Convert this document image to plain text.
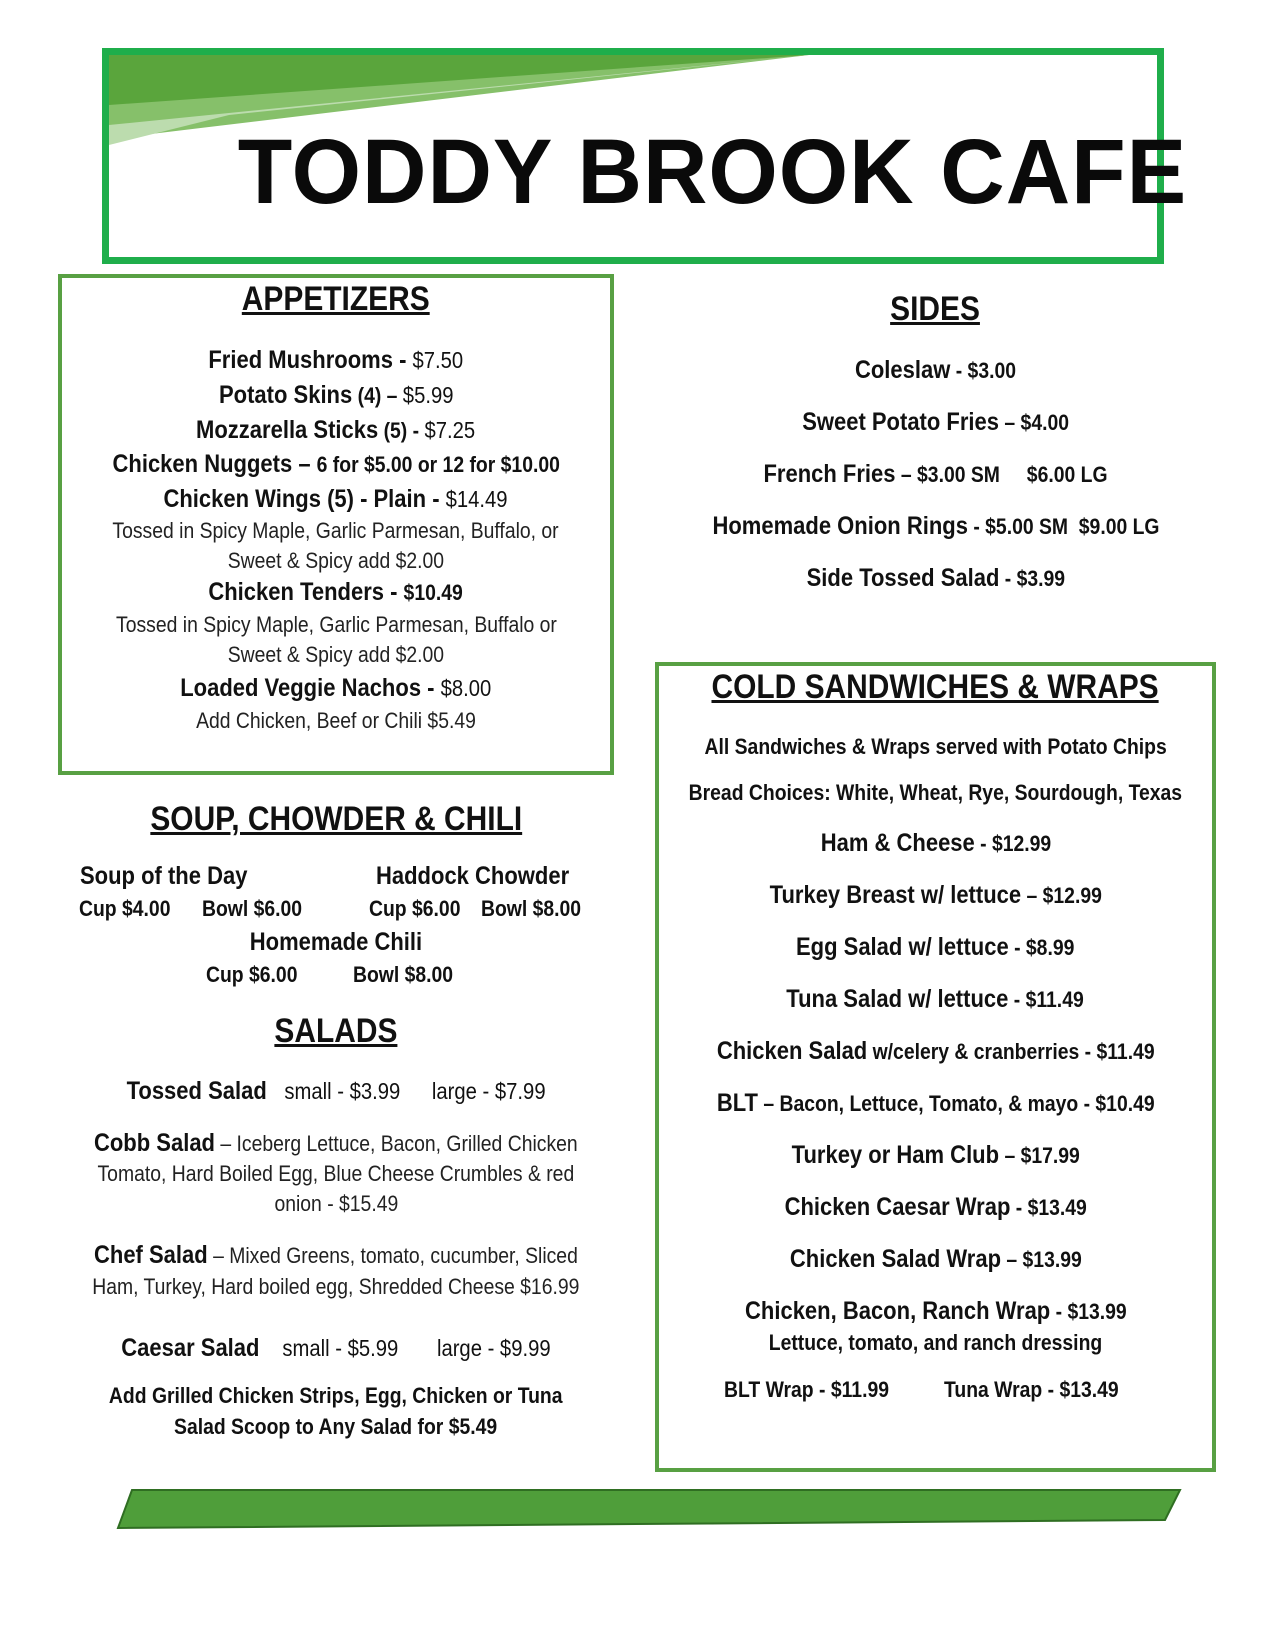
TODDY BROOK CAFE
APPETIZERS
Fried Mushrooms - $7.50
Potato Skins (4) – $5.99
Mozzarella Sticks (5) - $7.25
Chicken Nuggets – 6 for $5.00 or 12 for $10.00
Chicken Wings (5) - Plain - $14.49
Tossed in Spicy Maple, Garlic Parmesan, Buffalo, or
Sweet & Spicy add $2.00
Chicken Tenders - $10.49
Tossed in Spicy Maple, Garlic Parmesan, Buffalo or
Sweet & Spicy add $2.00
Loaded Veggie Nachos - $8.00
Add Chicken, Beef or Chili $5.49
SOUP, CHOWDER & CHILI
Soup of the Day
Cup $4.00	Bowl $6.00
Haddock Chowder
Cup $6.00 Bowl $8.00
Homemade Chili
Cup $6.00	Bowl $8.00
SALADS
Tossed Salad small - $3.99 large - $7.99
Cobb Salad – Iceberg Lettuce, Bacon, Grilled Chicken
Tomato, Hard Boiled Egg, Blue Cheese Crumbles & red
onion - $15.49
Chef Salad – Mixed Greens, tomato, cucumber, Sliced
Ham, Turkey, Hard boiled egg, Shredded Cheese $16.99
Caesar Salad small - $5.99 large - $9.99
Add Grilled Chicken Strips, Egg, Chicken or Tuna
Salad Scoop to Any Salad for $5.49
SIDES
Coleslaw - $3.00
Sweet Potato Fries – $4.00
French Fries – $3.00 SM     $6.00 LG
Homemade Onion Rings - $5.00 SM  $9.00 LG
Side Tossed Salad - $3.99
COLD SANDWICHES & WRAPS
All Sandwiches & Wraps served with Potato Chips
Bread Choices: White, Wheat, Rye, Sourdough, Texas
Ham & Cheese - $12.99
Turkey Breast w/ lettuce – $12.99
Egg Salad w/ lettuce - $8.99
Tuna Salad w/ lettuce - $11.49
Chicken Salad w/celery & cranberries - $11.49
BLT – Bacon, Lettuce, Tomato, & mayo - $10.49
Turkey or Ham Club – $17.99
Chicken Caesar Wrap - $13.49
Chicken Salad Wrap – $13.99
Chicken, Bacon, Ranch Wrap - $13.99
Lettuce, tomato, and ranch dressing
BLT Wrap - $11.99	Tuna Wrap - $13.49
